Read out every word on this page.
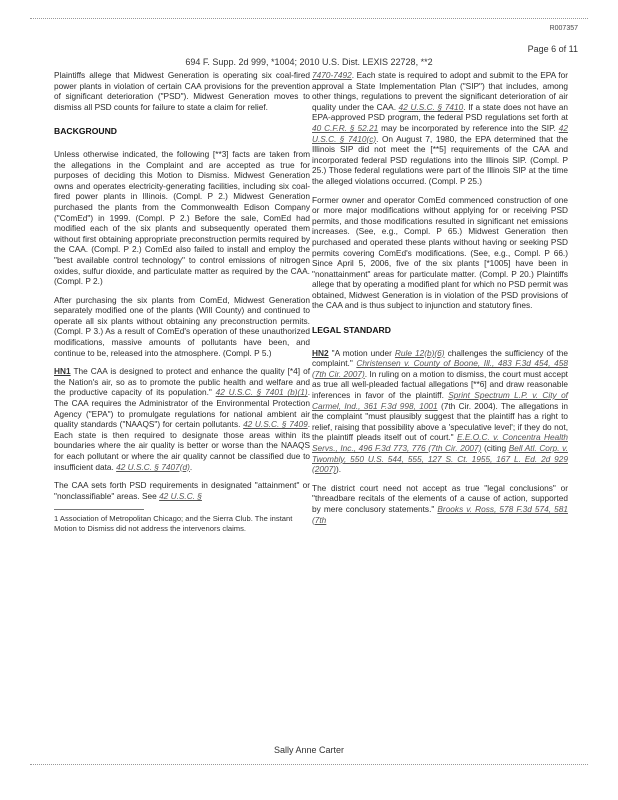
R007357
Page 6 of 11
694 F. Supp. 2d 999, *1004; 2010 U.S. Dist. LEXIS 22728, **2

Plaintiffs allege that Midwest Generation is operating six coal-fired power plants in violation of certain CAA provisions for the prevention of significant deterioration ("PSD"). Midwest Generation moves to dismiss all PSD counts for failure to state a claim for relief.

BACKGROUND

Unless otherwise indicated, the following [**3] facts are taken from the allegations in the Complaint and are accepted as true for purposes of deciding this Motion to Dismiss. Midwest Generation owns and operates electricity-generating facilities, including six coal-fired power plants in Illinois. (Compl. P 2.) Midwest Generation purchased the plants from the Commonwealth Edison Company ("ComEd") in 1999. (Compl. P 2.) Before the sale, ComEd had modified each of the six plants and subsequently operated them without first obtaining appropriate preconstruction permits required by the CAA. (Compl. P 2.) ComEd also failed to install and employ the "best available control technology" to control emissions of nitrogen oxides, sulfur dioxide, and particulate matter as required by the CAA. (Compl. P 2.)

After purchasing the six plants from ComEd, Midwest Generation separately modified one of the plants (Will County) and continued to operate all six plants without obtaining any preconstruction permits. (Compl. P 3.) As a result of ComEd's operation of these unauthorized modifications, massive amounts of pollutants have been, and continue to be, released into the atmosphere. (Compl. P 5.)

HN1 The CAA is designed to protect and enhance the quality [*4] of the Nation's air, so as to promote the public health and welfare and the productive capacity of its population." 42 U.S.C. § 7401 (b)(1). The CAA requires the Administrator of the Environmental Protection Agency ("EPA") to promulgate regulations for national ambient air quality standards ("NAAQS") for certain pollutants. 42 U.S.C. § 7409. Each state is then required to designate those areas within its boundaries where the air quality is better or worse than the NAAQS for each pollutant or where the air quality cannot be classified due to insufficient data. 42 U.S.C. § 7407(d).

The CAA sets forth PSD requirements in designated "attainment" or "nonclassifiable" areas. See 42 U.S.C. §

1 Association of Metropolitan Chicago; and the Sierra Club. The instant Motion to Dismiss did not address the intervenors claims.

7470-7492. Each state is required to adopt and submit to the EPA for approval a State Implementation Plan ("SIP") that includes, among other things, regulations to prevent the significant deterioration of air quality under the CAA. 42 U.S.C. § 7410. If a state does not have an EPA-approved PSD program, the federal PSD regulations set forth at 40 C.F.R. § 52.21 may be incorporated by reference into the SIP. 42 U.S.C. § 7410(c). On August 7, 1980, the EPA determined that the Illinois SIP did not meet the [**5] requirements of the CAA and incorporated federal PSD regulations into the Illinois SIP. (Compl. P 25.) Those federal regulations were part of the Illinois SIP at the time the alleged violations occurred. (Compl. P 25.)

Former owner and operator ComEd commenced construction of one or more major modifications without applying for or receiving PSD permits, and those modifications resulted in significant net emissions increases. (See, e.g., Compl. P 65.) Midwest Generation then purchased and operated these plants without having or seeking PSD permits covering ComEd's modifications. (See, e.g., Compl. P 66.) Since April 5, 2006, five of the six plants [*1005] have been in "nonattainment" areas for particulate matter. (Compl. P 20.) Plaintiffs allege that by operating a modified plant for which no PSD permit was obtained, Midwest Generation is in violation of the PSD provisions of the CAA and is thus subject to injunction and statutory fines.

LEGAL STANDARD

HN2 "A motion under Rule 12(b)(6) challenges the sufficiency of the complaint." Christensen v. County of Boone, Ill., 483 F.3d 454, 458 (7th Cir. 2007). In ruling on a motion to dismiss, the court must accept as true all well-pleaded factual allegations [**6] and draw reasonable inferences in favor of the plaintiff. Sprint Spectrum L.P. v. City of Carmel, Ind., 361 F.3d 998, 1001 (7th Cir. 2004). The allegations in the complaint "must plausibly suggest that the plaintiff has a right to relief, raising that possibility above a 'speculative level'; if they do not, the plaintiff pleads itself out of court." E.E.O.C. v. Concentra Health Servs., Inc., 496 F.3d 773, 776 (7th Cir. 2007) (citing Bell Atl. Corp. v. Twombly, 550 U.S. 544, 555, 127 S. Ct. 1955, 167 L. Ed. 2d 929 (2007)).

The district court need not accept as true "legal conclusions" or "threadbare recitals of the elements of a cause of action, supported by mere conclusory statements." Brooks v. Ross, 578 F.3d 574, 581 (7th

Sally Anne Carter
